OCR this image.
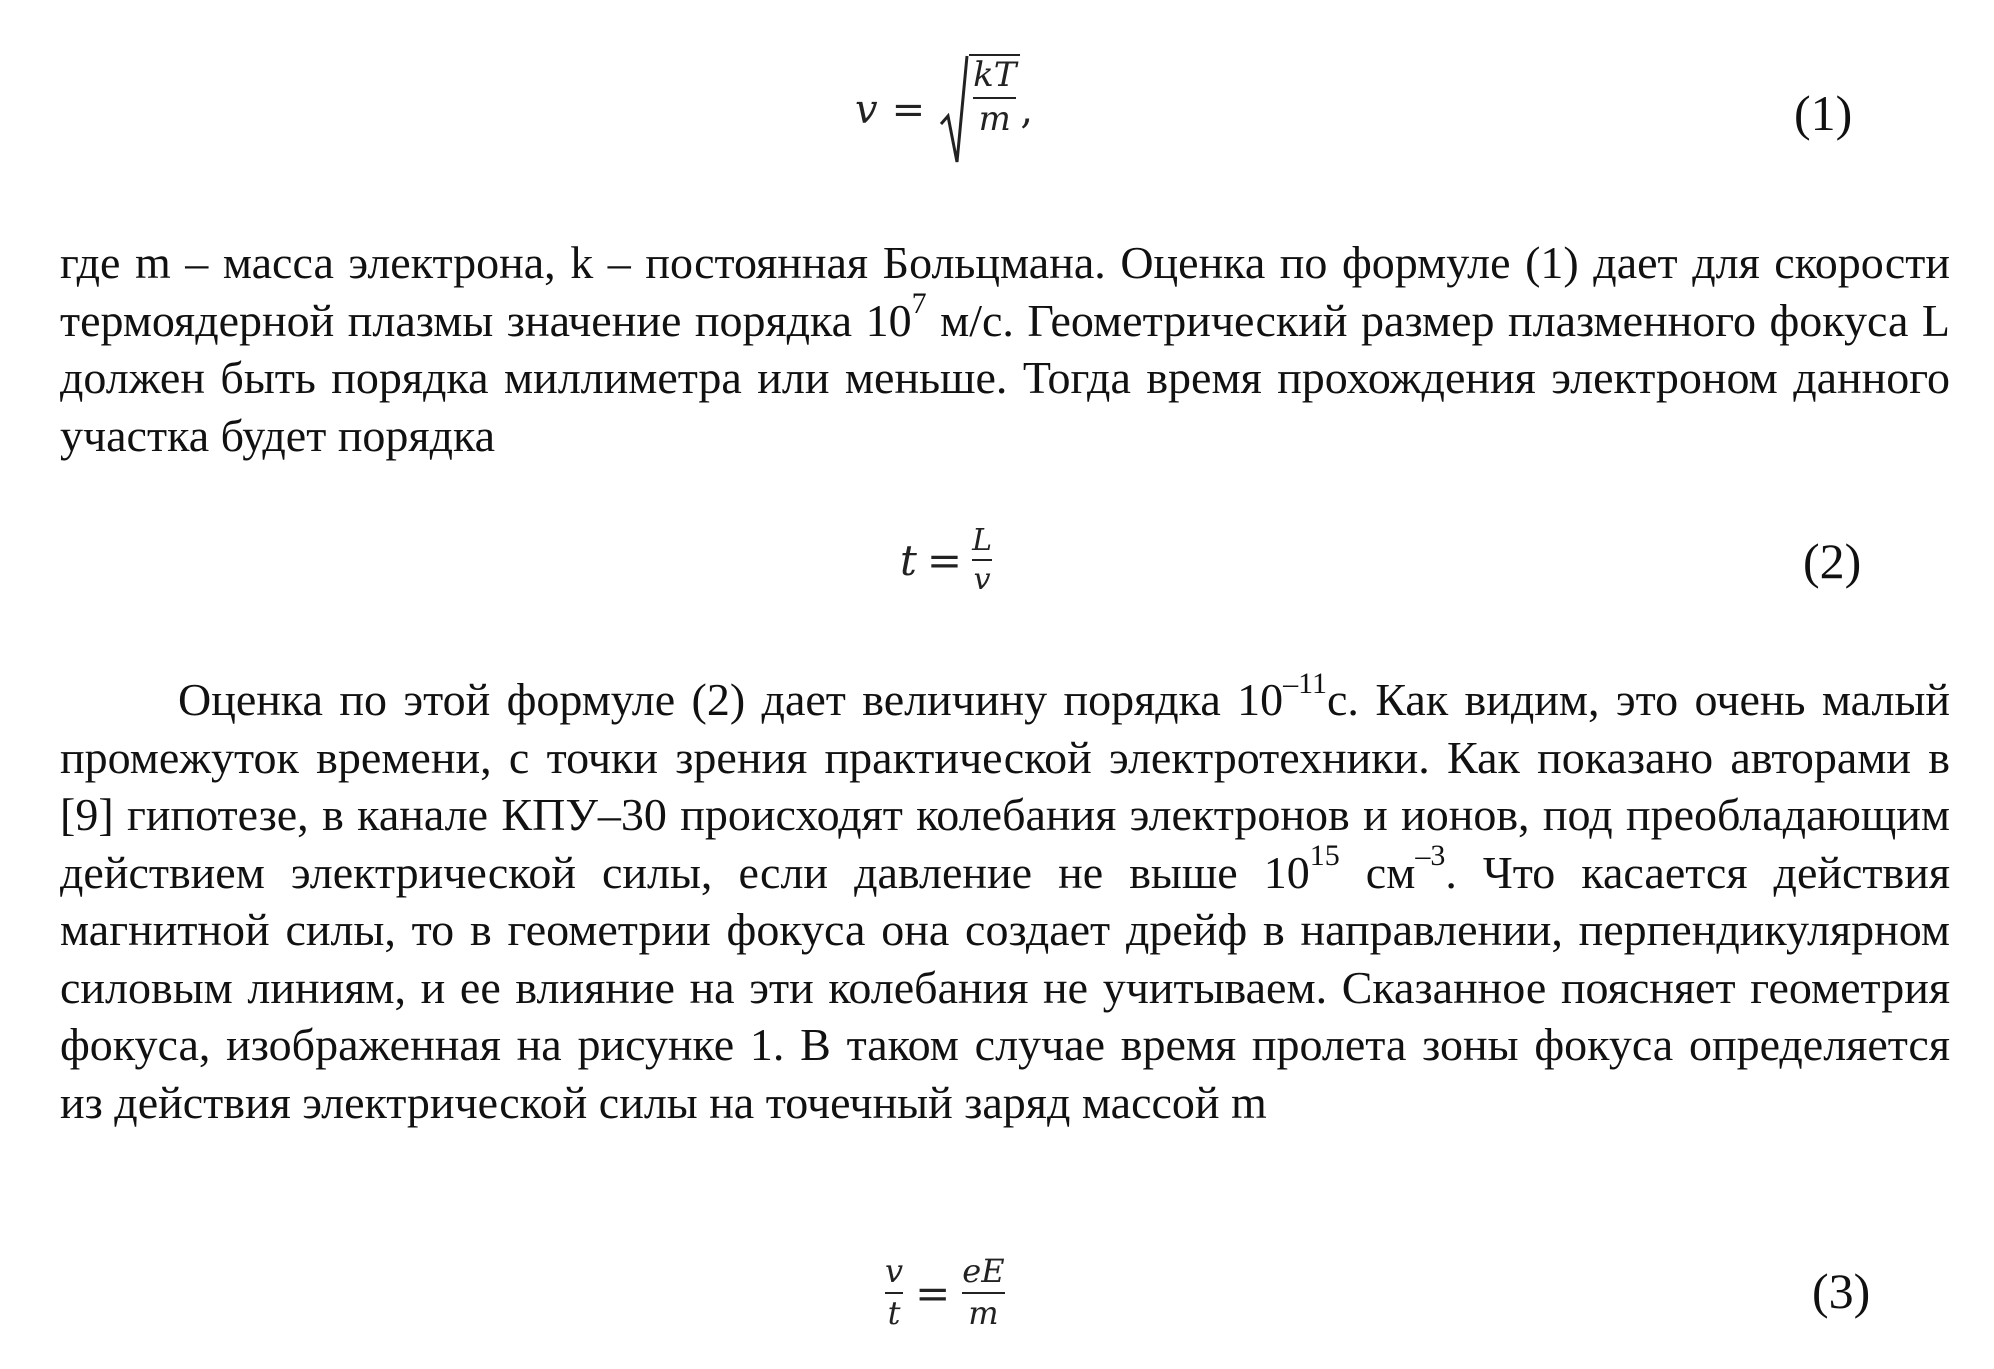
$v = \frac{kT}{m}$ ,	(1)

где m – масса электрона, k – постоянная Больцмана. Оценка по формуле (1) дает для скорости термоядерной плазмы значение порядка $10^7$ м/с. Геометрический размер плазменного фокуса L должен быть порядка миллиметра или меньше. Тогда время прохождения электроном данного участка будет порядка

$t = \frac{L}{v}$	(2)

Оценка по этой формуле (2) дает величину порядка $10^{-11}с$. Как видим, это очень малый промежуток времени, с точки зрения практической электротехники. Как показано авторами в [9] гипотезе, в канале КПУ–30 происходят колебания электронов и ионов, под преобладающим действием электрической силы, если давление не выше $10^{15}$ $см^{-3}$. Что касается действия магнитной силы, то в геометрии фокуса она создает дрейф в направлении, перпендикулярном силовым линиям, и ее влияние на эти колебания не учитываем. Сказанное поясняет геометрия фокуса, изображенная на рисунке 1. В таком случае время пролета зоны фокуса определяется из действия электрической силы на точечный заряд массой m

$\frac{v}{t} = \frac{eE}{m}$	(3)
